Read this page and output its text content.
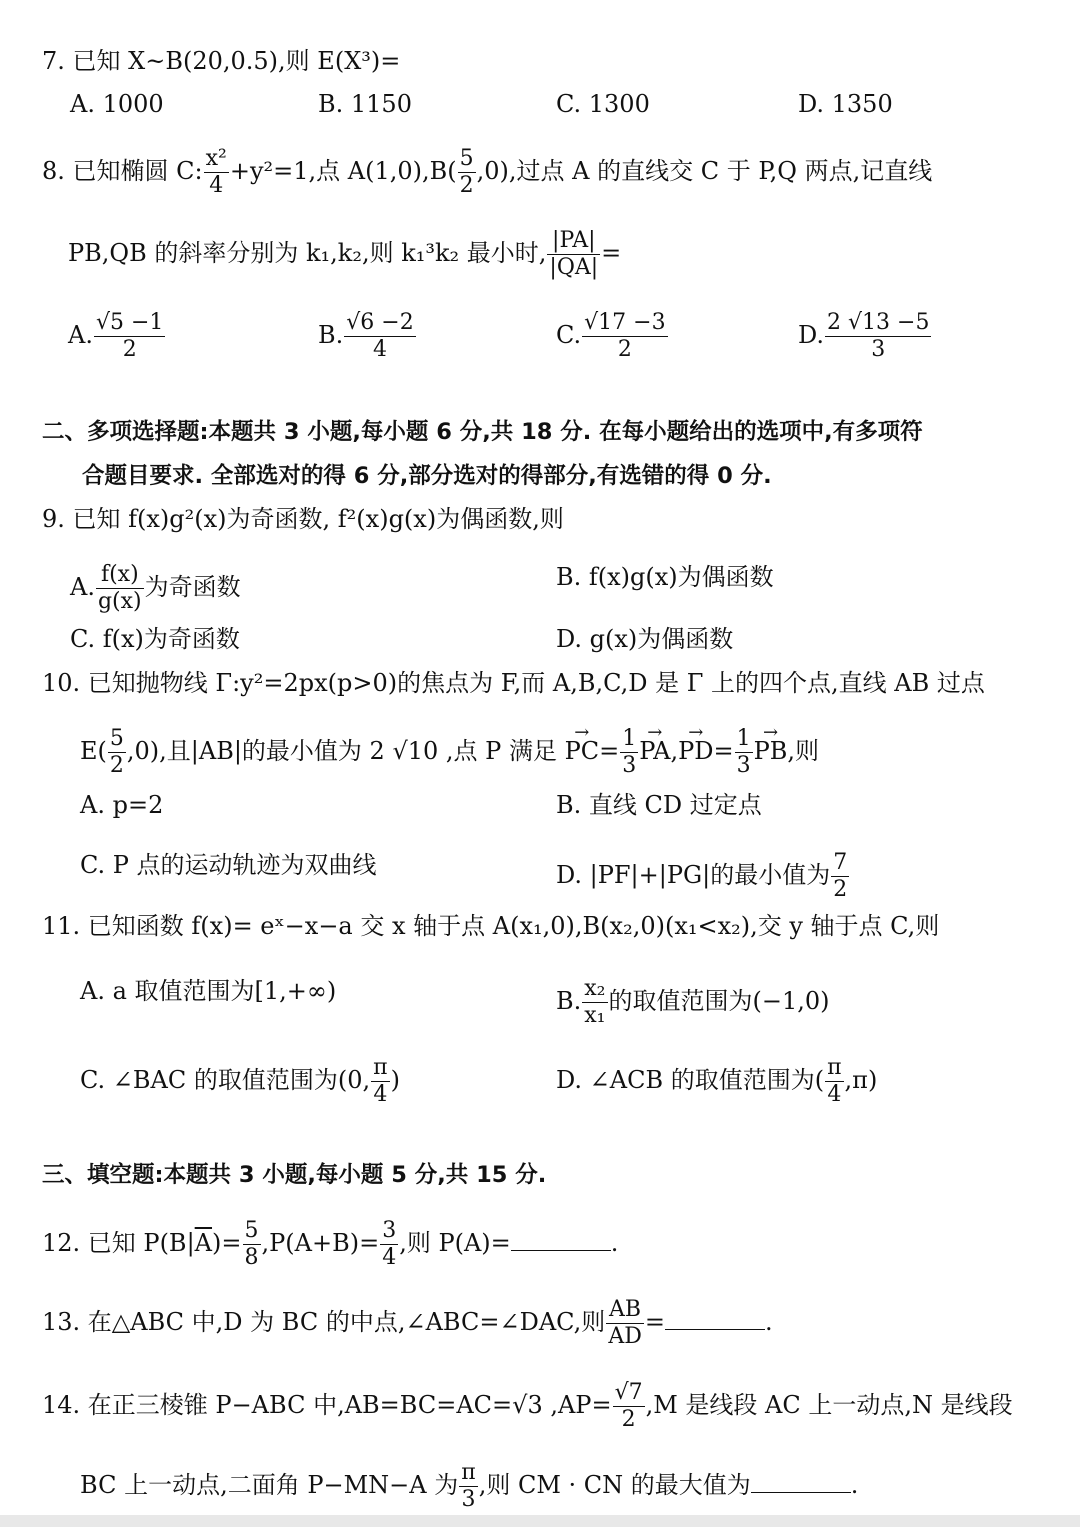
7. 已知 X~B(20,0.5),则 E(X³)=
A. 1000	B. 1150	C. 1300	D. 1350
8. 已知椭圆 C: $\frac{\text{x²}}{4} +y^2=1$,点 $A(1,0),B( \frac{5}{2} ,0)$,过点 A 的直线交 C 于 P,Q 两点,记直线
PB,QB 的斜率分别为 k₁,k₂,则 k₁³k₂ 最小时, $\frac{|PA|}{|QA|}$ =
A. $\frac{√5 -1}{2}$	B. $\frac{√6 -2}{4}$	C. $\frac{√17 -3}{2}$	D. $\frac{2 √13 -5}{3}$
二、多项选择题:本题共 3 小题,每小题 6 分,共 18 分. 在每小题给出的选项中,有多项符
合题目要求. 全部选对的得 6 分,部分选对的得部分,有选错的得 0 分.
9. 已知 f(x)g²(x)为奇函数, f²(x)g(x)为偶函数,则
A. $\frac{f(x)}{g(x)}$ 为奇函数	B. f(x)g(x)为偶函数
C. f(x)为奇函数	D. g(x)为偶函数
10. 已知抛物线 Γ:y²=2px(p>0)的焦点为 F,而 A,B,C,D 是 Γ 上的四个点,直线 AB 过点
$E( \frac{5}{2} ,0)$,且|AB|的最小值为 2 √10 ,点 P 满足 → $PC= \frac{1}{3} \to PA,\to PD= \frac{1}{3}$ → PB,则
A. p=2	B. 直线 CD 过定点
C. P 点的运动轨迹为双曲线	D. |PF|+|PG|的最小值为 $\frac{7}{2}$
11. 已知函数 f(x)= eˣ−x−a 交 x 轴于点 A(x₁,0),B(x₂,0)(x₁<x₂),交 y 轴于点 C,则
A. a 取值范围为[1,+∞)	B. $\frac{\text{x₂}}{\text{x₁}}$ 的取值范围为(−1,0)
C. ∠BAC 的取值范围为(0, $\frac{\pi}{4}$ )	D. ∠ACB 的取值范围为( $\frac{\pi}{4} ,\pi$)
三、填空题:本题共 3 小题,每小题 5 分,共 15 分.
12. 已知 $P(B|\overline{A})= \frac{5}{8} ,P(A+B)= \frac{3}{4}$ ,则 P(A)=	.
13. 在△ABC 中,D 为 BC 的中点,∠ABC=∠DAC,则 $\frac{AB}{AD}$ =	.
14. 在正三棱锥 P−ABC 中,AB=BC=AC=√3 $,AP= \frac{√7}{2} ,M$ 是线段 AC 上一动点,N 是线段
BC 上一动点,二面角 P−MN−A 为 $\frac{\pi}{3}$ ,则 CM · CN 的最大值为	.
